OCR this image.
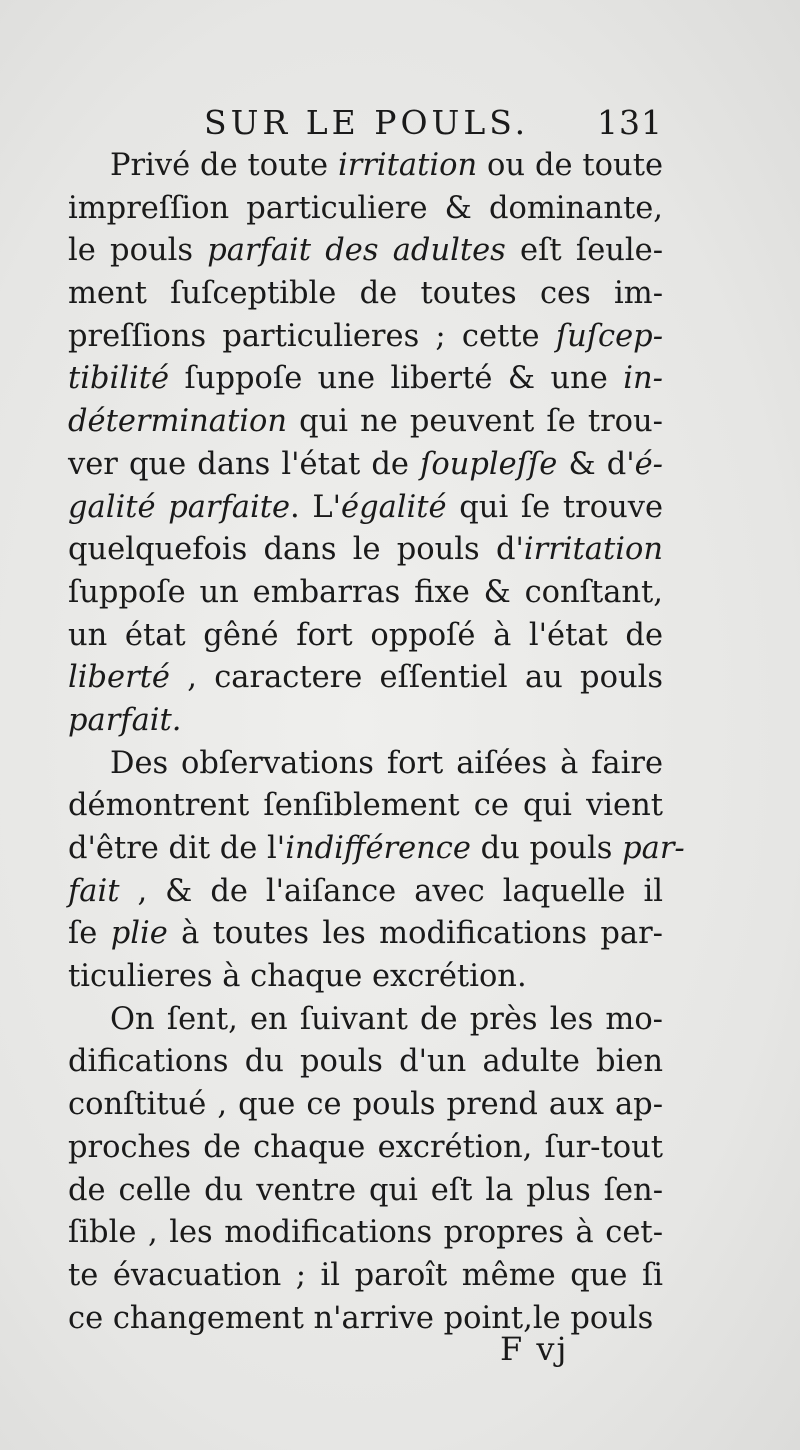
SUR LE POULS. 131
Privé de toute irritation ou de toute
impreſſion particuliere & dominante,
le pouls parfait des adultes eſt ſeule-
ment ſuſceptible de toutes ces im-
preſſions particulieres ; cette ſuſcep-
tibilité ſuppoſe une liberté & une in-
détermination qui ne peuvent ſe trou-
ver que dans l'état de ſoupleſſe & d'é-
galité parfaite. L'égalité qui ſe trouve
quelquefois dans le pouls d'irritation
ſuppoſe un embarras fixe & conſtant,
un état gêné fort oppoſé à l'état de
liberté , caractere eſſentiel au pouls
parfait.
Des obſervations fort aiſées à faire
démontrent ſenſiblement ce qui vient
d'être dit de l'indifférence du pouls par-
fait , & de l'aiſance avec laquelle il
ſe plie à toutes les modifications par-
ticulieres à chaque excrétion.
On ſent, en ſuivant de près les mo-
difications du pouls d'un adulte bien
conſtitué , que ce pouls prend aux ap-
proches de chaque excrétion, ſur-tout
de celle du ventre qui eſt la plus ſen-
ſible , les modifications propres à cet-
te évacuation ; il paroît même que ſi
ce changement n'arrive point,le pouls
F vj
